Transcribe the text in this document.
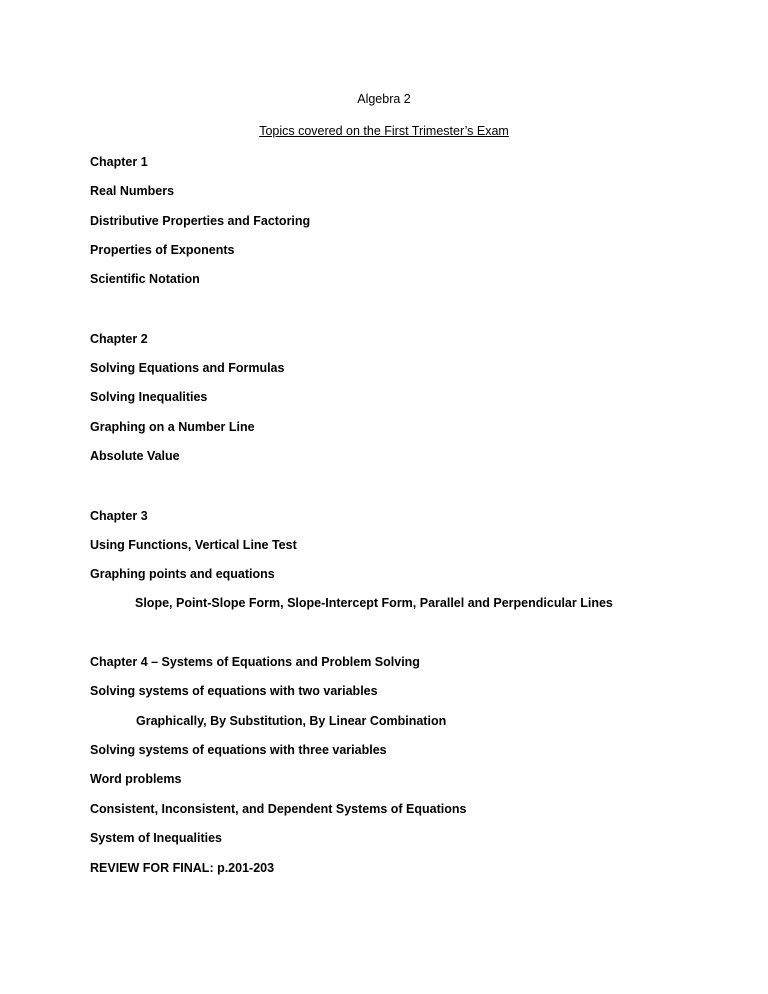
Algebra 2
Topics covered on the First Trimester’s Exam
Chapter 1
Real Numbers
Distributive Properties and Factoring
Properties of Exponents
Scientific Notation
Chapter 2
Solving Equations and Formulas
Solving Inequalities
Graphing on a Number Line
Absolute Value
Chapter 3
Using Functions, Vertical Line Test
Graphing points and equations
Slope, Point-Slope Form, Slope-Intercept Form, Parallel and Perpendicular Lines
Chapter 4 – Systems of Equations and Problem Solving
Solving systems of equations with two variables
Graphically, By Substitution, By Linear Combination
Solving systems of equations with three variables
Word problems
Consistent, Inconsistent, and Dependent Systems of Equations
System of Inequalities
REVIEW FOR FINAL: p.201-203
